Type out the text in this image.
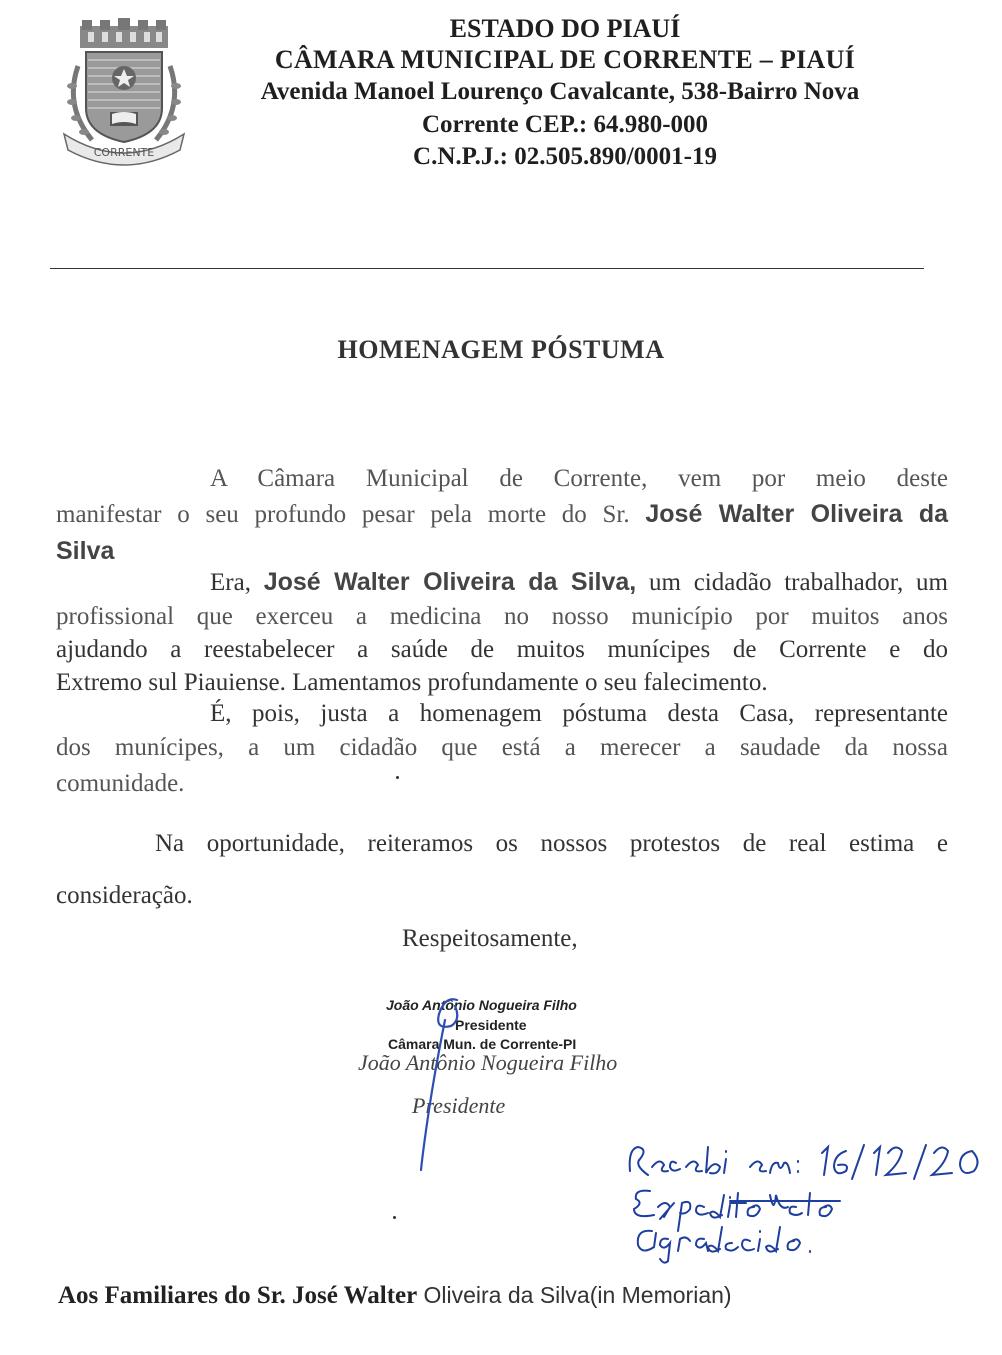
CORRENTE
ESTADO DO PIAUÍ
CÂMARA MUNICIPAL DE CORRENTE – PIAUÍ
Avenida Manoel Lourenço Cavalcante, 538-Bairro Nova
Corrente CEP.: 64.980-000
C.N.P.J.: 02.505.890/0001-19
HOMENAGEM PÓSTUMA
A Câmara Municipal de Corrente, vem por meio deste
manifestar o seu profundo pesar pela morte do Sr. José Walter Oliveira da
Silva
Era, José Walter Oliveira da Silva, um cidadão trabalhador, um
profissional que exerceu a medicina no nosso município por muitos anos
ajudando a reestabelecer a saúde de muitos munícipes de Corrente e do
Extremo sul Piauiense. Lamentamos profundamente o seu falecimento.
É, pois, justa a homenagem póstuma desta Casa, representante
dos munícipes, a um cidadão que está a merecer a saudade da nossa
comunidade.
Na oportunidade, reiteramos os nossos protestos de real estima e
consideração.
Respeitosamente,
João Antônio Nogueira Filho
Presidente
Câmara Mun. de Corrente-PI
João Antônio Nogueira Filho
Presidente
Aos Familiares do Sr. José Walter Oliveira da Silva(in Memorian)
